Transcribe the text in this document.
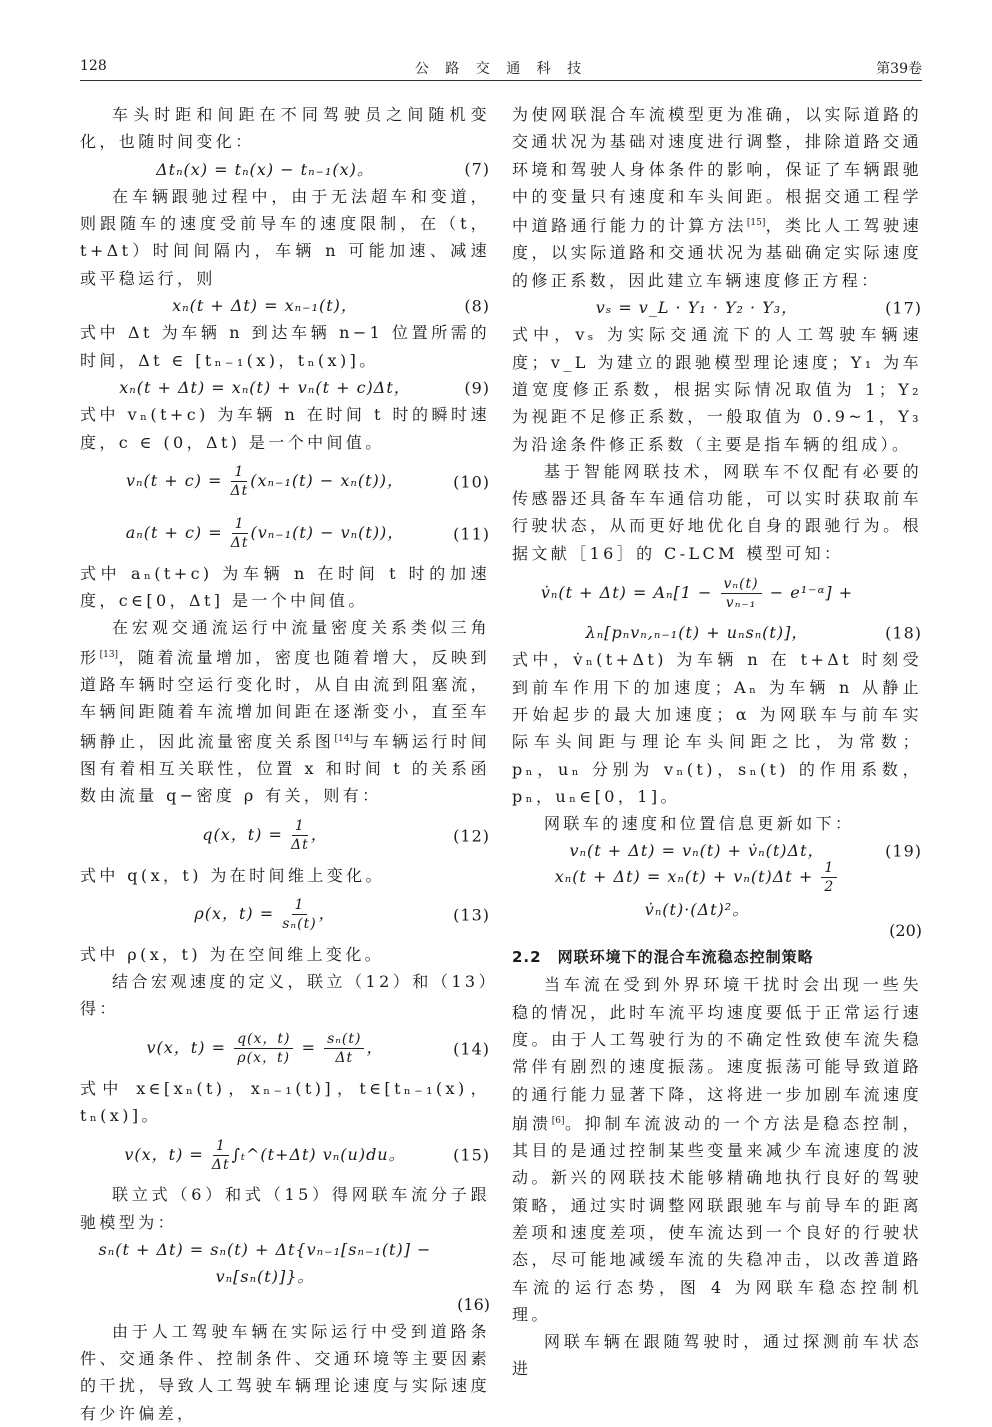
128	公 路 交 通 科 技	第39卷

车头时距和间距在不同驾驶员之间随机变化，也随时间变化：

Δtₙ(x) = tₙ(x) − tₙ₋₁(x)。	(7)

在车辆跟驰过程中，由于无法超车和变道，则跟随车的速度受前导车的速度限制，在（t，t+Δt）时间间隔内，车辆 n 可能加速、减速或平稳运行，则

xₙ(t + Δt) = xₙ₋₁(t)，	(8)

式中 Δt 为车辆 n 到达车辆 n−1 位置所需的时间，Δt ∈ [tₙ₋₁(x)，tₙ(x)]。

xₙ(t + Δt) = xₙ(t) + vₙ(t + c)Δt，	(9)

式中 vₙ(t+c) 为车辆 n 在时间 t 时的瞬时速度，c ∈ (0，Δt) 是一个中间值。

$v_n(t + c) = \frac{1}{\Delta t} (x_{n-1}(t) - x_n(t))$，	(10)
$a_n(t + c) = \frac{1}{\Delta t} (v_{n-1}(t) - v_n(t))$，	(11)

式中 aₙ(t+c) 为车辆 n 在时间 t 时的加速度，c∈[0，Δt] 是一个中间值。

在宏观交通流运行中流量密度关系类似三角形[13]，随着流量增加，密度也随着增大，反映到道路车辆时空运行变化时，从自由流到阻塞流，车辆间距随着车流增加间距在逐渐变小，直至车辆静止，因此流量密度关系图[14]与车辆运行时间图有着相互关联性，位置 x 和时间 t 的关系函数由流量 q−密度 ρ 有关，则有：

q(x，$t) = \frac{1}{\Delta t}$ ，	(12)

式中 q(x，t) 为在时间维上变化。

ρ(x，$t) = \frac{1}{\text{sₙ(t)}}$ ，	(13)

式中 ρ(x，t) 为在空间维上变化。

结合宏观速度的定义，联立（12）和（13）得：

v(x，$t) = \frac{q(x,t)}{\rho(x,t)} = \frac{\text{sₙ(t)}}{\Delta t}$ ，	(14)

式中 x∈[xₙ(t)，xₙ₋₁(t)]，t∈[tₙ₋₁(x)，tₙ(x)]。

v(x，$t) = \frac{1}{\Delta t}$ ∫ₜ^(t+Δt) vₙ(u)du。	(15)

联立式（6）和式（15）得网联车流分子跟驰模型为：

sₙ(t + Δt) = sₙ(t) + Δt{vₙ₋₁[sₙ₋₁(t)] − vₙ[sₙ(t)]}。
(16)

由于人工驾驶车辆在实际运行中受到道路条件、交通条件、控制条件、交通环境等主要因素的干扰，导致人工驾驶车辆理论速度与实际速度有少许偏差，

为使网联混合车流模型更为准确，以实际道路的交通状况为基础对速度进行调整，排除道路交通环境和驾驶人身体条件的影响，保证了车辆跟驰中的变量只有速度和车头间距。根据交通工程学中道路通行能力的计算方法[15]，类比人工驾驶速度，以实际道路和交通状况为基础确定实际速度的修正系数，因此建立车辆速度修正方程：

vₛ = v_L · Y₁ · Y₂ · Y₃，	(17)

式中，vₛ 为实际交通流下的人工驾驶车辆速度；v_L 为建立的跟驰模型理论速度；Y₁ 为车道宽度修正系数，根据实际情况取值为 1；Y₂ 为视距不足修正系数，一般取值为 0.9~1，Y₃ 为沿途条件修正系数（主要是指车辆的组成）。

基于智能网联技术，网联车不仅配有必要的传感器还具备车车通信功能，可以实时获取前车行驶状态，从而更好地优化自身的跟驰行为。根据文献［16］的 C-LCM 模型可知：

v̇ₙ(t + $\Delta t) = A_n[1 - \frac{\text{vₙ(t)}}{\text{vₙ₋₁}}$ − e¹⁻ᵅ] +
λₙ[pₙvₙ,ₙ₋₁(t) + uₙsₙ(t)]，	(18)

式中，v̇ₙ(t+Δt) 为车辆 n 在 t+Δt 时刻受到前车作用下的加速度；Aₙ 为车辆 n 从静止开始起步的最大加速度；α 为网联车与前车实际车头间距与理论车头间距之比，为常数；pₙ，uₙ 分别为 vₙ(t)，sₙ(t) 的作用系数，pₙ，uₙ∈[0，1]。

网联车的速度和位置信息更新如下：

vₙ(t + Δt) = vₙ(t) + v̇ₙ(t)Δt，	(19)
$x_n(t + \Delta t) = x_n(t) + v_n(t)\Delta t + \frac{1}{2}$
v̇ₙ(t)·(Δt)²。
(20)
2.2　网联环境下的混合车流稳态控制策略

当车流在受到外界环境干扰时会出现一些失稳的情况，此时车流平均速度要低于正常运行速度。由于人工驾驶行为的不确定性致使车流失稳常伴有剧烈的速度振荡。速度振荡可能导致道路的通行能力显著下降，这将进一步加剧车流速度崩溃[6]。抑制车流波动的一个方法是稳态控制，其目的是通过控制某些变量来减少车流速度的波动。新兴的网联技术能够精确地执行良好的驾驶策略，通过实时调整网联跟驰车与前导车的距离差项和速度差项，使车流达到一个良好的行驶状态，尽可能地减缓车流的失稳冲击，以改善道路车流的运行态势，图 4 为网联车稳态控制机理。

网联车辆在跟随驾驶时，通过探测前车状态进
